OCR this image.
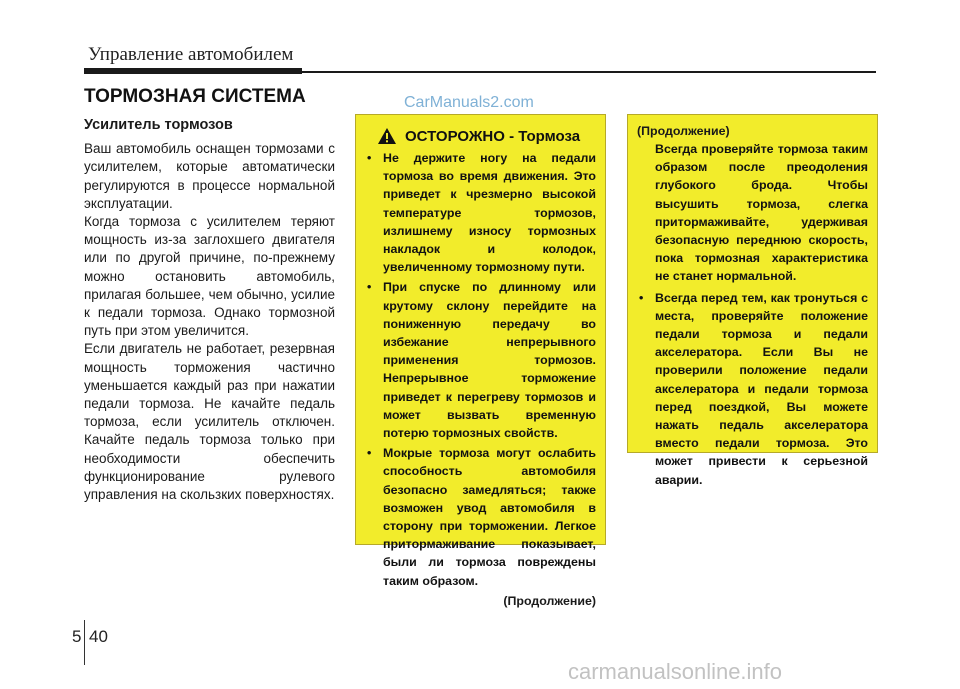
Управление автомобилем
ТОРМОЗНАЯ СИСТЕМА	CarManuals2.com
Усилитель тормозов

Ваш автомобиль оснащен тормозами с усилителем, которые автоматически регулируются в процессе нормальной эксплуатации.

Когда тормоза с усилителем теряют мощность из-за заглохшего двигателя или по другой причине, по-прежнему можно остановить автомобиль, прилагая большее, чем обычно, усилие к педали тормоза. Однако тормозной путь при этом увеличится.

Если двигатель не работает, резервная мощность торможения частично уменьшается каждый раз при нажатии педали тормоза. Не качайте педаль тормоза, если усилитель отключен. Качайте педаль тормоза только при необходимости обеспечить функционирование рулевого управления на скользких поверхностях.

ОСТОРОЖНО - Тормоза
• Не держите ногу на педали тормоза во время движения. Это приведет к чрезмерно высокой температуре тормозов, излишнему износу тормозных накладок и колодок, увеличенному тормозному пути.
• При спуске по длинному или крутому склону перейдите на пониженную передачу во избежание непрерывного применения тормозов. Непрерывное торможение приведет к перегреву тормозов и может вызвать временную потерю тормозных свойств.
• Мокрые тормоза могут ослабить способность автомобиля безопасно замедляться; также возможен увод автомобиля в сторону при торможении. Легкое притормаживание показывает, были ли тормоза повреждены таким образом.
(Продолжение)
(Продолжение)
Всегда проверяйте тормоза таким образом после преодоления глубокого брода. Чтобы высушить тормоза, слегка притормаживайте, удерживая безопасную переднюю скорость, пока тормозная характеристика не станет нормальной.
• Всегда перед тем, как тронуться с места, проверяйте положение педали тормоза и педали акселератора. Если Вы не проверили положение педали акселератора и педали тормоза перед поездкой, Вы можете нажать педаль акселератора вместо педали тормоза. Это может привести к серьезной аварии.
5 40
carmanualsonline.info
